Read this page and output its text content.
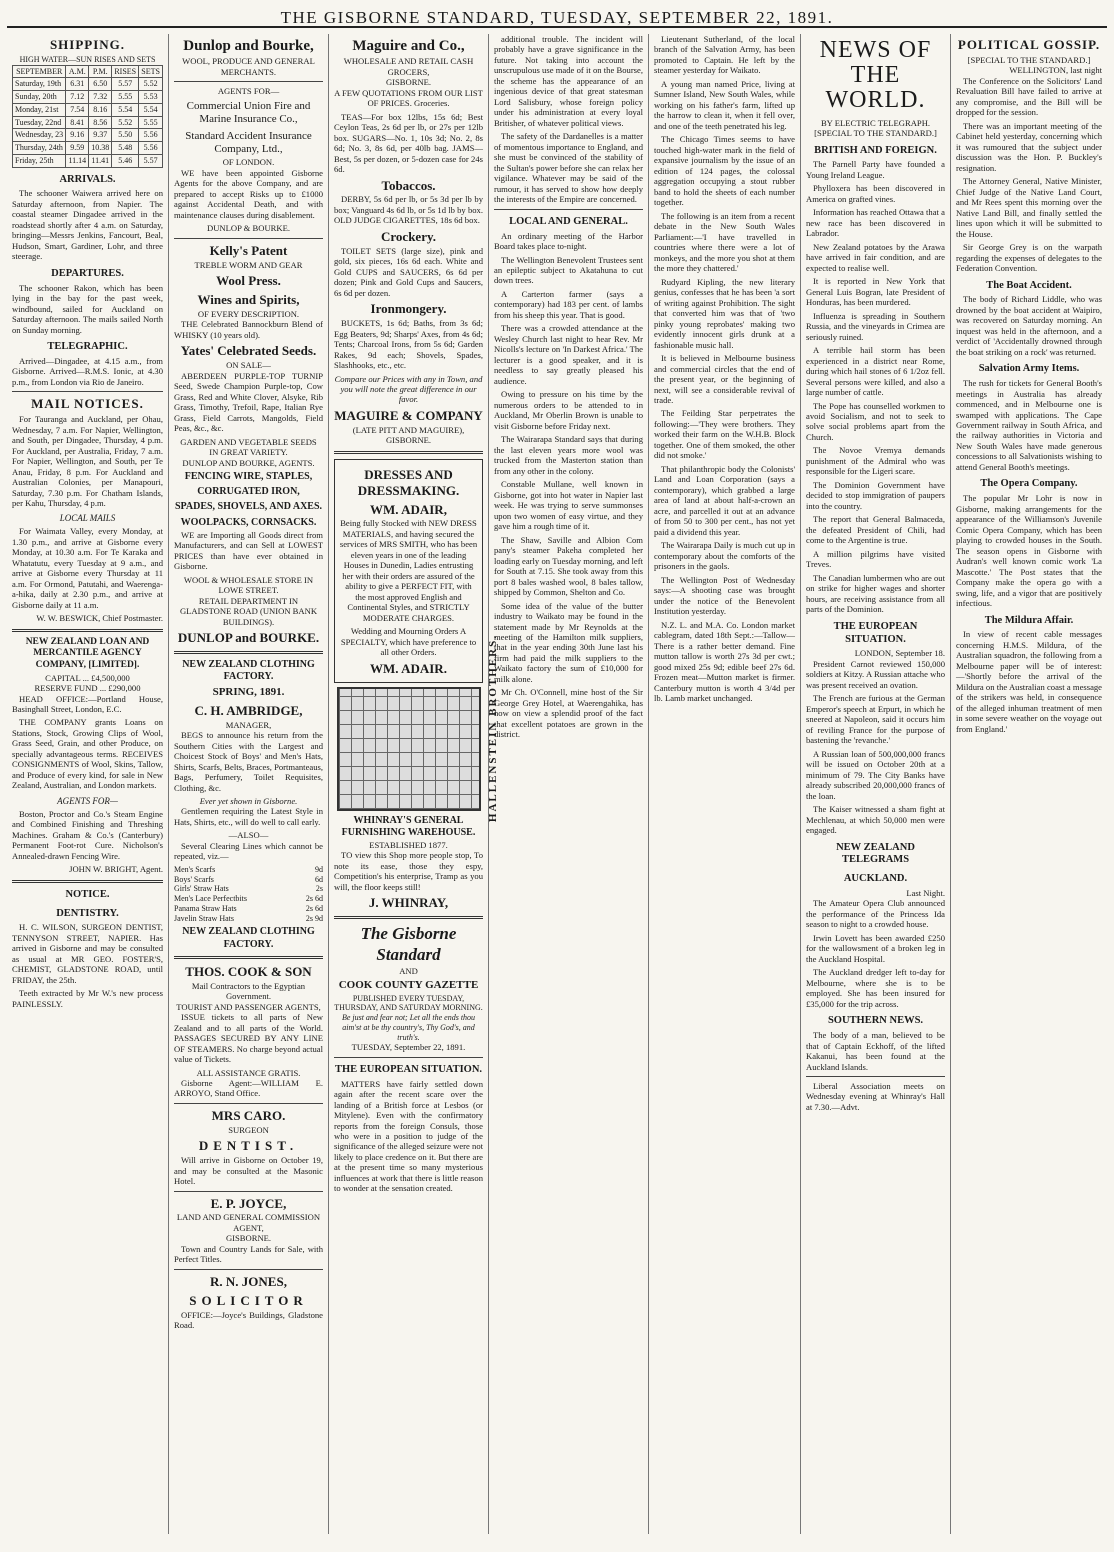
THE GISBORNE STANDARD, TUESDAY, SEPTEMBER 22, 1891.
SHIPPING.
HIGH WATER—SUN RISES AND SETS
SEPTEMBER	A.M.	P.M.	RISES	SETS
Saturday, 19th	6.31	6.50	5.57	5.52
Sunday, 20th	7.12	7.32	5.55	5.53
Monday, 21st	7.54	8.16	5.54	5.54
Tuesday, 22nd	8.41	8.56	5.52	5.55
Wednesday, 23	9.16	9.37	5.50	5.56
Thursday, 24th	9.59	10.38	5.48	5.56
Friday, 25th	11.14	11.41	5.46	5.57
ARRIVALS.

The schooner Waiwera arrived here on Saturday afternoon, from Napier. The coastal steamer Dingadee arrived in the roadstead shortly after 4 a.m. on Saturday, bringing—Messrs Jenkins, Fancourt, Beal, Hudson, Smart, Gardiner, Lohr, and three steerage.

DEPARTURES.

The schooner Rakon, which has been lying in the bay for the past week, windbound, sailed for Auckland on Saturday afternoon. The mails sailed North on Sunday morning.

TELEGRAPHIC.

Arrived—Dingadee, at 4.15 a.m., from Gisborne. Arrived—R.M.S. Ionic, at 4.30 p.m., from London via Rio de Janeiro.

MAIL NOTICES.

For Tauranga and Auckland, per Ohau, Wednesday, 7 a.m. For Napier, Wellington, and South, per Dingadee, Thursday, 4 p.m. For Auckland, per Australia, Friday, 7 a.m. For Napier, Wellington, and South, per Te Anau, Friday, 8 p.m. For Auckland and Australian Colonies, per Manapouri, Saturday, 7.30 p.m. For Chatham Islands, per Kahu, Thursday, 4 p.m.

LOCAL MAILS

For Waimata Valley, every Monday, at 1.30 p.m., and arrive at Gisborne every Monday, at 10.30 a.m. For Te Karaka and Whatatutu, every Tuesday at 9 a.m., and arrive at Gisborne every Thursday at 11 a.m. For Ormond, Patutahi, and Waerenga-a-hika, daily at 2.30 p.m., and arrive at Gisborne daily at 11 a.m.

W. W. BESWICK, Chief Postmaster.
NEW ZEALAND LOAN AND MERCANTILE AGENCY COMPANY, [LIMITED].
CAPITAL ... £4,500,000
RESERVE FUND ... £290,000

HEAD OFFICE:—Portland House, Basinghall Street, London, E.C.

THE COMPANY grants Loans on Stations, Stock, Growing Clips of Wool, Grass Seed, Grain, and other Produce, on specially advantageous terms. RECEIVES CONSIGNMENTS of Wool, Skins, Tallow, and Produce of every kind, for sale in New Zealand, Australian, and London markets.

AGENTS FOR—

Boston, Proctor and Co.'s Steam Engine and Combined Finishing and Threshing Machines. Graham & Co.'s (Canterbury) Permanent Foot-rot Cure. Nicholson's Annealed-drawn Fencing Wire.

JOHN W. BRIGHT, Agent.
NOTICE.
DENTISTRY.

H. C. WILSON, SURGEON DENTIST, TENNYSON STREET, NAPIER. Has arrived in Gisborne and may be consulted as usual at MR GEO. FOSTER'S, CHEMIST, GLADSTONE ROAD, until FRIDAY, the 25th.

Teeth extracted by Mr W.'s new process PAINLESSLY.

Dunlop and Bourke,
WOOL, PRODUCE AND GENERAL MERCHANTS.
AGENTS FOR—
Commercial Union Fire and Marine Insurance Co.,
Standard Accident Insurance Company, Ltd.,
OF LONDON.

WE have been appointed Gisborne Agents for the above Company, and are prepared to accept Risks up to £1000 against Accidental Death, and with maintenance clauses during disablement.

DUNLOP & BOURKE.
Kelly's Patent
TREBLE WORM AND GEAR
Wool Press.
Wines and Spirits,
OF EVERY DESCRIPTION.

THE Celebrated Bannockburn Blend of WHISKY (10 years old).

Yates' Celebrated Seeds.
ON SALE—

ABERDEEN PURPLE-TOP TURNIP Seed, Swede Champion Purple-top, Cow Grass, Red and White Clover, Alsyke, Rib Grass, Timothy, Trefoil, Rape, Italian Rye Grass, Field Carrots, Mangolds, Field Peas, &c., &c.

GARDEN AND VEGETABLE SEEDS
IN GREAT VARIETY.
DUNLOP AND BOURKE, AGENTS.
FENCING WIRE, STAPLES,
CORRUGATED IRON,
SPADES, SHOVELS, AND AXES.
WOOLPACKS, CORNSACKS.

WE are Importing all Goods direct from Manufacturers, and can Sell at LOWEST PRICES than have ever obtained in Gisborne.

WOOL & WHOLESALE STORE IN LOWE STREET.
RETAIL DEPARTMENT IN GLADSTONE ROAD (UNION BANK BUILDINGS).
DUNLOP and BOURKE.
NEW ZEALAND CLOTHING FACTORY.
SPRING, 1891.
C. H. AMBRIDGE,
MANAGER,

BEGS to announce his return from the Southern Cities with the Largest and Choicest Stock of Boys' and Men's Hats, Shirts, Scarfs, Belts, Braces, Portmanteaus, Bags, Perfumery, Toilet Requisites, Clothing, &c.

Ever yet shown in Gisborne.

Gentlemen requiring the Latest Style in Hats, Shirts, etc., will do well to call early.

—ALSO—

Several Clearing Lines which cannot be repeated, viz.—

Men's Scarfs	9d
Boys' Scarfs	6d
Girls' Straw Hats	2s
Men's Lace Perfectbits	2s 6d
Panama Straw Hats	2s 6d
Javelin Straw Hats	2s 9d
NEW ZEALAND CLOTHING FACTORY.
THOS. COOK & SON
Mail Contractors to the Egyptian Government.
TOURIST AND PASSENGER AGENTS,

ISSUE tickets to all parts of New Zealand and to all parts of the World. PASSAGES SECURED BY ANY LINE OF STEAMERS. No charge beyond actual value of Tickets.

ALL ASSISTANCE GRATIS.

Gisborne Agent:—WILLIAM E. ARROYO, Stand Office.

MRS CARO.
SURGEON
DENTIST.

Will arrive in Gisborne on October 19, and may be consulted at the Masonic Hotel.

E. P. JOYCE,
LAND AND GENERAL COMMISSION AGENT,
GISBORNE.

Town and Country Lands for Sale, with Perfect Titles.

R. N. JONES,
SOLICITOR

OFFICE:—Joyce's Buildings, Gladstone Road.

Maguire and Co.,
WHOLESALE AND RETAIL CASH GROCERS,
GISBORNE.

A FEW QUOTATIONS FROM OUR LIST OF PRICES. Groceries.

TEAS—For box 12lbs, 15s 6d; Best Ceylon Teas, 2s 6d per lb, or 27s per 12lb box. SUGARS—No. 1, 10s 3d; No. 2, 8s 6d; No. 3, 8s 6d, per 40lb bag. JAMS—Best, 5s per dozen, or 5-dozen case for 24s 6d.

Tobaccos.

DERBY, 5s 6d per lb, or 5s 3d per lb by box; Vanguard 4s 6d lb, or 5s 1d lb by box. OLD JUDGE CIGARETTES, 18s 6d box.

Crockery.

TOILET SETS (large size), pink and gold, six pieces, 16s 6d each. White and Gold CUPS and SAUCERS, 6s 6d per dozen; Pink and Gold Cups and Saucers, 6s 6d per dozen.

Ironmongery.

BUCKETS, 1s 6d; Baths, from 3s 6d; Egg Beaters, 9d; Sharps' Axes, from 4s 6d; Tents; Charcoal Irons, from 5s 6d; Garden Rakes, 9d each; Shovels, Spades, Slashhooks, etc., etc.

Compare our Prices with any in Town, and you will note the great difference in our favor.

MAGUIRE & COMPANY
(LATE PITT AND MAGUIRE),
GISBORNE.
DRESSES AND DRESSMAKING.
WM. ADAIR,

Being fully Stocked with NEW DRESS MATERIALS, and having secured the services of MRS SMITH, who has been eleven years in one of the leading Houses in Dunedin, Ladies entrusting her with their orders are assured of the ability to give a PERFECT FIT, with the most approved English and Continental Styles, and STRICTLY MODERATE CHARGES.

Wedding and Mourning Orders A SPECIALTY, which have preference to all other Orders.

WM. ADAIR.
WHINRAY'S GENERAL FURNISHING WAREHOUSE.
ESTABLISHED 1877.

TO view this Shop more people stop, To note its ease, those they espy, Competition's his enterprise, Tramp as you will, the floor keeps still!

J. WHINRAY,
The Gisborne Standard
AND
COOK COUNTY GAZETTE
PUBLISHED EVERY TUESDAY, THURSDAY, AND SATURDAY MORNING.
Be just and fear not; Let all the ends thou aim'st at be thy country's, Thy God's, and truth's.
TUESDAY, September 22, 1891.
THE EUROPEAN SITUATION.

MATTERS have fairly settled down again after the recent scare over the landing of a British force at Lesbos (or Mitylene). Even with the confirmatory reports from the foreign Consuls, those who were in a position to judge of the significance of the alleged seizure were not likely to place credence on it. But there are at the present time so many mysterious influences at work that there is little reason to wonder at the sensation created.

HALLENSTEIN BROTHERS.

additional trouble. The incident will probably have a grave significance in the future. Not taking into account the unscrupulous use made of it on the Bourse, the scheme has the appearance of an ingenious device of that great statesman Lord Salisbury, whose foreign policy under his administration at every loyal Britisher, of whatever political views.

The safety of the Dardanelles is a matter of momentous importance to England, and she must be convinced of the stability of the Sultan's power before she can relax her vigilance. Whatever may be said of the rumour, it has served to show how deeply the interests of the Empire are concerned.

LOCAL AND GENERAL.

An ordinary meeting of the Harbor Board takes place to-night.

The Wellington Benevolent Trustees sent an epileptic subject to Akatahuna to cut down trees.

A Carterton farmer (says a contemporary) had 183 per cent. of lambs from his sheep this year. That is good.

There was a crowded attendance at the Wesley Church last night to hear Rev. Mr Nicolls's lecture on 'In Darkest Africa.' The lecturer is a good speaker, and it is needless to say greatly pleased his audience.

Owing to pressure on his time by the numerous orders to be attended to in Auckland, Mr Oberlin Brown is unable to visit Gisborne before Friday next.

The Wairarapa Standard says that during the last eleven years more wool was trucked from the Masterton station than from any other in the colony.

Constable Mullane, well known in Gisborne, got into hot water in Napier last week. He was trying to serve summonses upon two women of easy virtue, and they gave him a rough time of it.

The Shaw, Saville and Albion Com pany's steamer Pakeha completed her loading early on Tuesday morning, and left for South at 7.15. She took away from this port 8 bales washed wool, 8 bales tallow, shipped by Common, Shelton and Co.

Some idea of the value of the butter industry to Waikato may be found in the statement made by Mr Reynolds at the meeting of the Hamilton milk suppliers, that in the year ending 30th June last his firm had paid the milk suppliers to the Waikato factory the sum of £10,000 for milk alone.

Mr Ch. O'Connell, mine host of the Sir George Grey Hotel, at Waerengahika, has now on view a splendid proof of the fact that excellent potatoes are grown in the district.

Lieutenant Sutherland, of the local branch of the Salvation Army, has been promoted to Captain. He left by the steamer yesterday for Waikato.

A young man named Price, living at Sumner Island, New South Wales, while working on his father's farm, lifted up the harrow to clean it, when it fell over, and one of the teeth penetrated his leg.

The Chicago Times seems to have touched high-water mark in the field of expansive journalism by the issue of an edition of 124 pages, the colossal aggregation occupying a stout rubber band to hold the sheets of each number together.

The following is an item from a recent debate in the New South Wales Parliament:—'I have travelled in countries where there were a lot of monkeys, and the more you shot at them the more they chattered.'

Rudyard Kipling, the new literary genius, confesses that he has been 'a sort of writing against Prohibition. The sight that converted him was that of 'two pinky young reprobates' making two evidently innocent girls drunk at a fashionable music hall.

It is believed in Melbourne business and commercial circles that the end of the present year, or the beginning of next, will see a considerable revival of trade.

The Feilding Star perpetrates the following:—'They were brothers. They worked their farm on the W.H.B. Block together. One of them smoked, the other did not smoke.'

That philanthropic body the Colonists' Land and Loan Corporation (says a contemporary), which grabbed a large area of land at about half-a-crown an acre, and parcelled it out at an advance of from 50 to 300 per cent., has not yet paid a dividend this year.

The Wairarapa Daily is much cut up in contemporary about the comforts of the prisoners in the gaols.

The Wellington Post of Wednesday says:—A shooting case was brought under the notice of the Benevolent Institution yesterday.

N.Z. L. and M.A. Co. London market cablegram, dated 18th Sept.:—Tallow—There is a rather better demand. Fine mutton tallow is worth 27s 3d per cwt.; good mixed 25s 9d; edible beef 27s 6d. Frozen meat—Mutton market is firmer. Canterbury mutton is worth 4 3/4d per lb. Lamb market unchanged.

NEWS OF THE WORLD.
BY ELECTRIC TELEGRAPH.
[SPECIAL TO THE STANDARD.]
BRITISH AND FOREIGN.

The Parnell Party have founded a Young Ireland League.

Phylloxera has been discovered in America on grafted vines.

Information has reached Ottawa that a new race has been discovered in Labrador.

New Zealand potatoes by the Arawa have arrived in fair condition, and are expected to realise well.

It is reported in New York that General Luis Bogran, late President of Honduras, has been murdered.

Influenza is spreading in Southern Russia, and the vineyards in Crimea are seriously ruined.

A terrible hail storm has been experienced in a district near Rome, during which hail stones of 6 1/2oz fell. Several persons were killed, and also a large number of cattle.

The Pope has counselled workmen to avoid Socialism, and not to seek to solve social problems apart from the Church.

The Novoe Vremya demands punishment of the Admiral who was responsible for the Ligeri scare.

The Dominion Government have decided to stop immigration of paupers into the country.

The report that General Balmaceda, the defeated President of Chili, had come to the Argentine is true.

A million pilgrims have visited Treves.

The Canadian lumbermen who are out on strike for higher wages and shorter hours, are receiving assistance from all parts of the Dominion.

THE EUROPEAN SITUATION.
LONDON, September 18.

President Carnot reviewed 150,000 soldiers at Kitzy. A Russian attache who was present received an ovation.

The French are furious at the German Emperor's speech at Erpurt, in which he sneered at Napoleon, said it occurs him of reviling France for the purpose of bastening the 'revanche.'

A Russian loan of 500,000,000 francs will be issued on October 20th at a minimum of 79. The City Banks have already subscribed 20,000,000 francs of the loan.

The Kaiser witnessed a sham fight at Mechlenau, at which 50,000 men were engaged.

NEW ZEALAND TELEGRAMS
AUCKLAND.
Last Night.

The Amateur Opera Club announced the performance of the Princess Ida season to night to a crowded house.

Irwin Lovett has been awarded £250 for the wallowsment of a broken leg in the Auckland Hospital.

The Auckland dredger left to-day for Melbourne, where she is to be employed. She has been insured for £35,000 for the trip across.

SOUTHERN NEWS.

The body of a man, believed to be that of Captain Eckhoff, of the lifted Kakanui, has been found at the Auckland Islands.

Liberal Association meets on Wednesday evening at Whinray's Hall at 7.30.—Advt.

POLITICAL GOSSIP.
[SPECIAL TO THE STANDARD.]
WELLINGTON, last night

The Conference on the Solicitors' Land Revaluation Bill have failed to arrive at any compromise, and the Bill will be dropped for the session.

There was an important meeting of the Cabinet held yesterday, concerning which it was rumoured that the subject under discussion was the Hon. P. Buckley's resignation.

The Attorney General, Native Minister, Chief Judge of the Native Land Court, and Mr Rees spent this morning over the Native Land Bill, and finally settled the lines upon which it will be submitted to the House.

Sir George Grey is on the warpath regarding the expenses of delegates to the Federation Convention.

The Boat Accident.

The body of Richard Liddle, who was drowned by the boat accident at Waipiro, was recovered on Saturday morning. An inquest was held in the afternoon, and a verdict of 'Accidentally drowned through the boat striking on a rock' was returned.

Salvation Army Items.

The rush for tickets for General Booth's meetings in Australia has already commenced, and in Melbourne one is swamped with applications. The Cape Government railway in South Africa, and the railway authorities in Victoria and New South Wales have made generous concessions to all Salvationists wishing to attend General Booth's meetings.

The Opera Company.

The popular Mr Lohr is now in Gisborne, making arrangements for the appearance of the Williamson's Juvenile Comic Opera Company, which has been playing to crowded houses in the South. The season opens in Gisborne with Audran's well known comic work 'La Mascotte.' The Post states that the Company make the opera go with a swing, life, and a vigor that are positively infectious.

The Mildura Affair.

In view of recent cable messages concerning H.M.S. Mildura, of the Australian squadron, the following from a Melbourne paper will be of interest:—'Shortly before the arrival of the Mildura on the Australian coast a message of the strikers was held, in consequence of the alleged inhuman treatment of men in some severe weather on the voyage out from England.'
